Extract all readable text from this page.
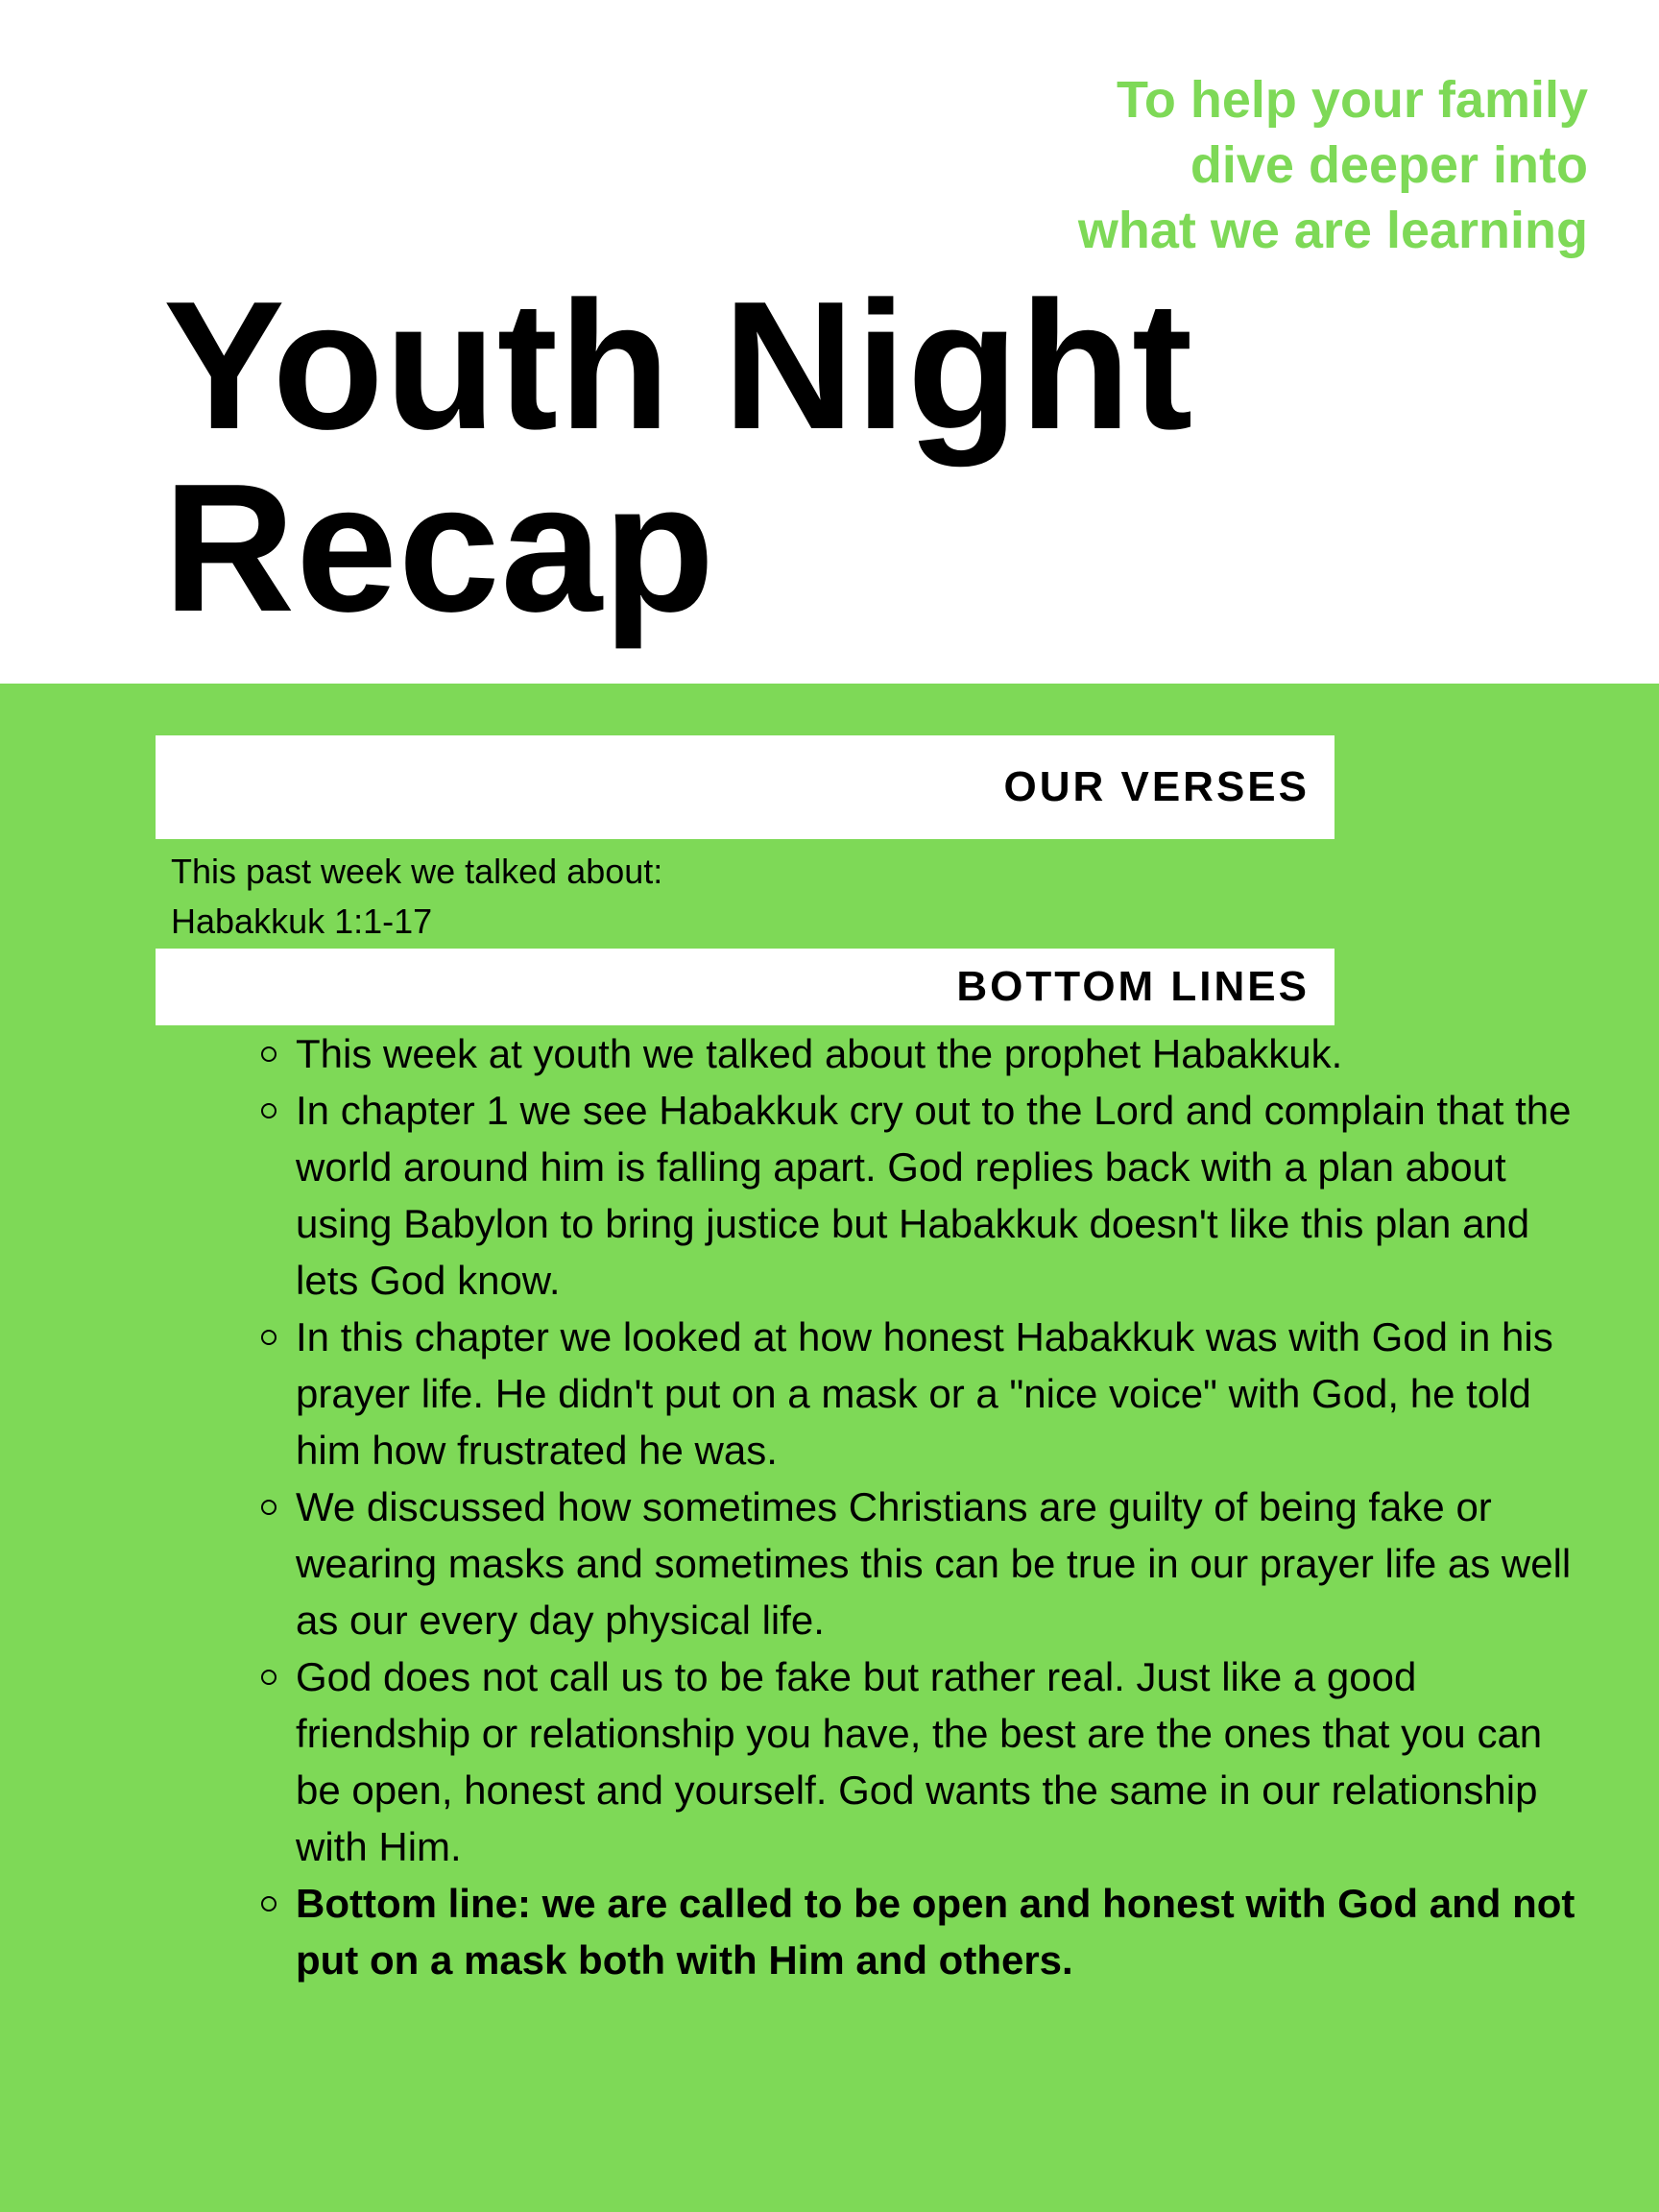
To help your family
dive deeper into
what we are learning
Youth Night
Recap
OUR VERSES
This past week we talked about:
Habakkuk 1:1-17
BOTTOM LINES
This week at youth we talked about the prophet Habakkuk.
In chapter 1 we see Habakkuk cry out to the Lord and complain that the world around him is falling apart. God replies back with a plan about using Babylon to bring justice but Habakkuk doesn't like this plan and lets God know.
In this chapter we looked at how honest Habakkuk was with God in his prayer life. He didn't put on a mask or a "nice voice" with God, he told him how frustrated he was.
We discussed how sometimes Christians are guilty of being fake or wearing masks and sometimes this can be true in our prayer life as well as our every day physical life.
God does not call us to be fake but rather real. Just like a good friendship or relationship you have, the best are the ones that you can be open, honest and yourself. God wants the same in our relationship with Him.
Bottom line: we are called to be open and honest with God and not put on a mask both with Him and others.
